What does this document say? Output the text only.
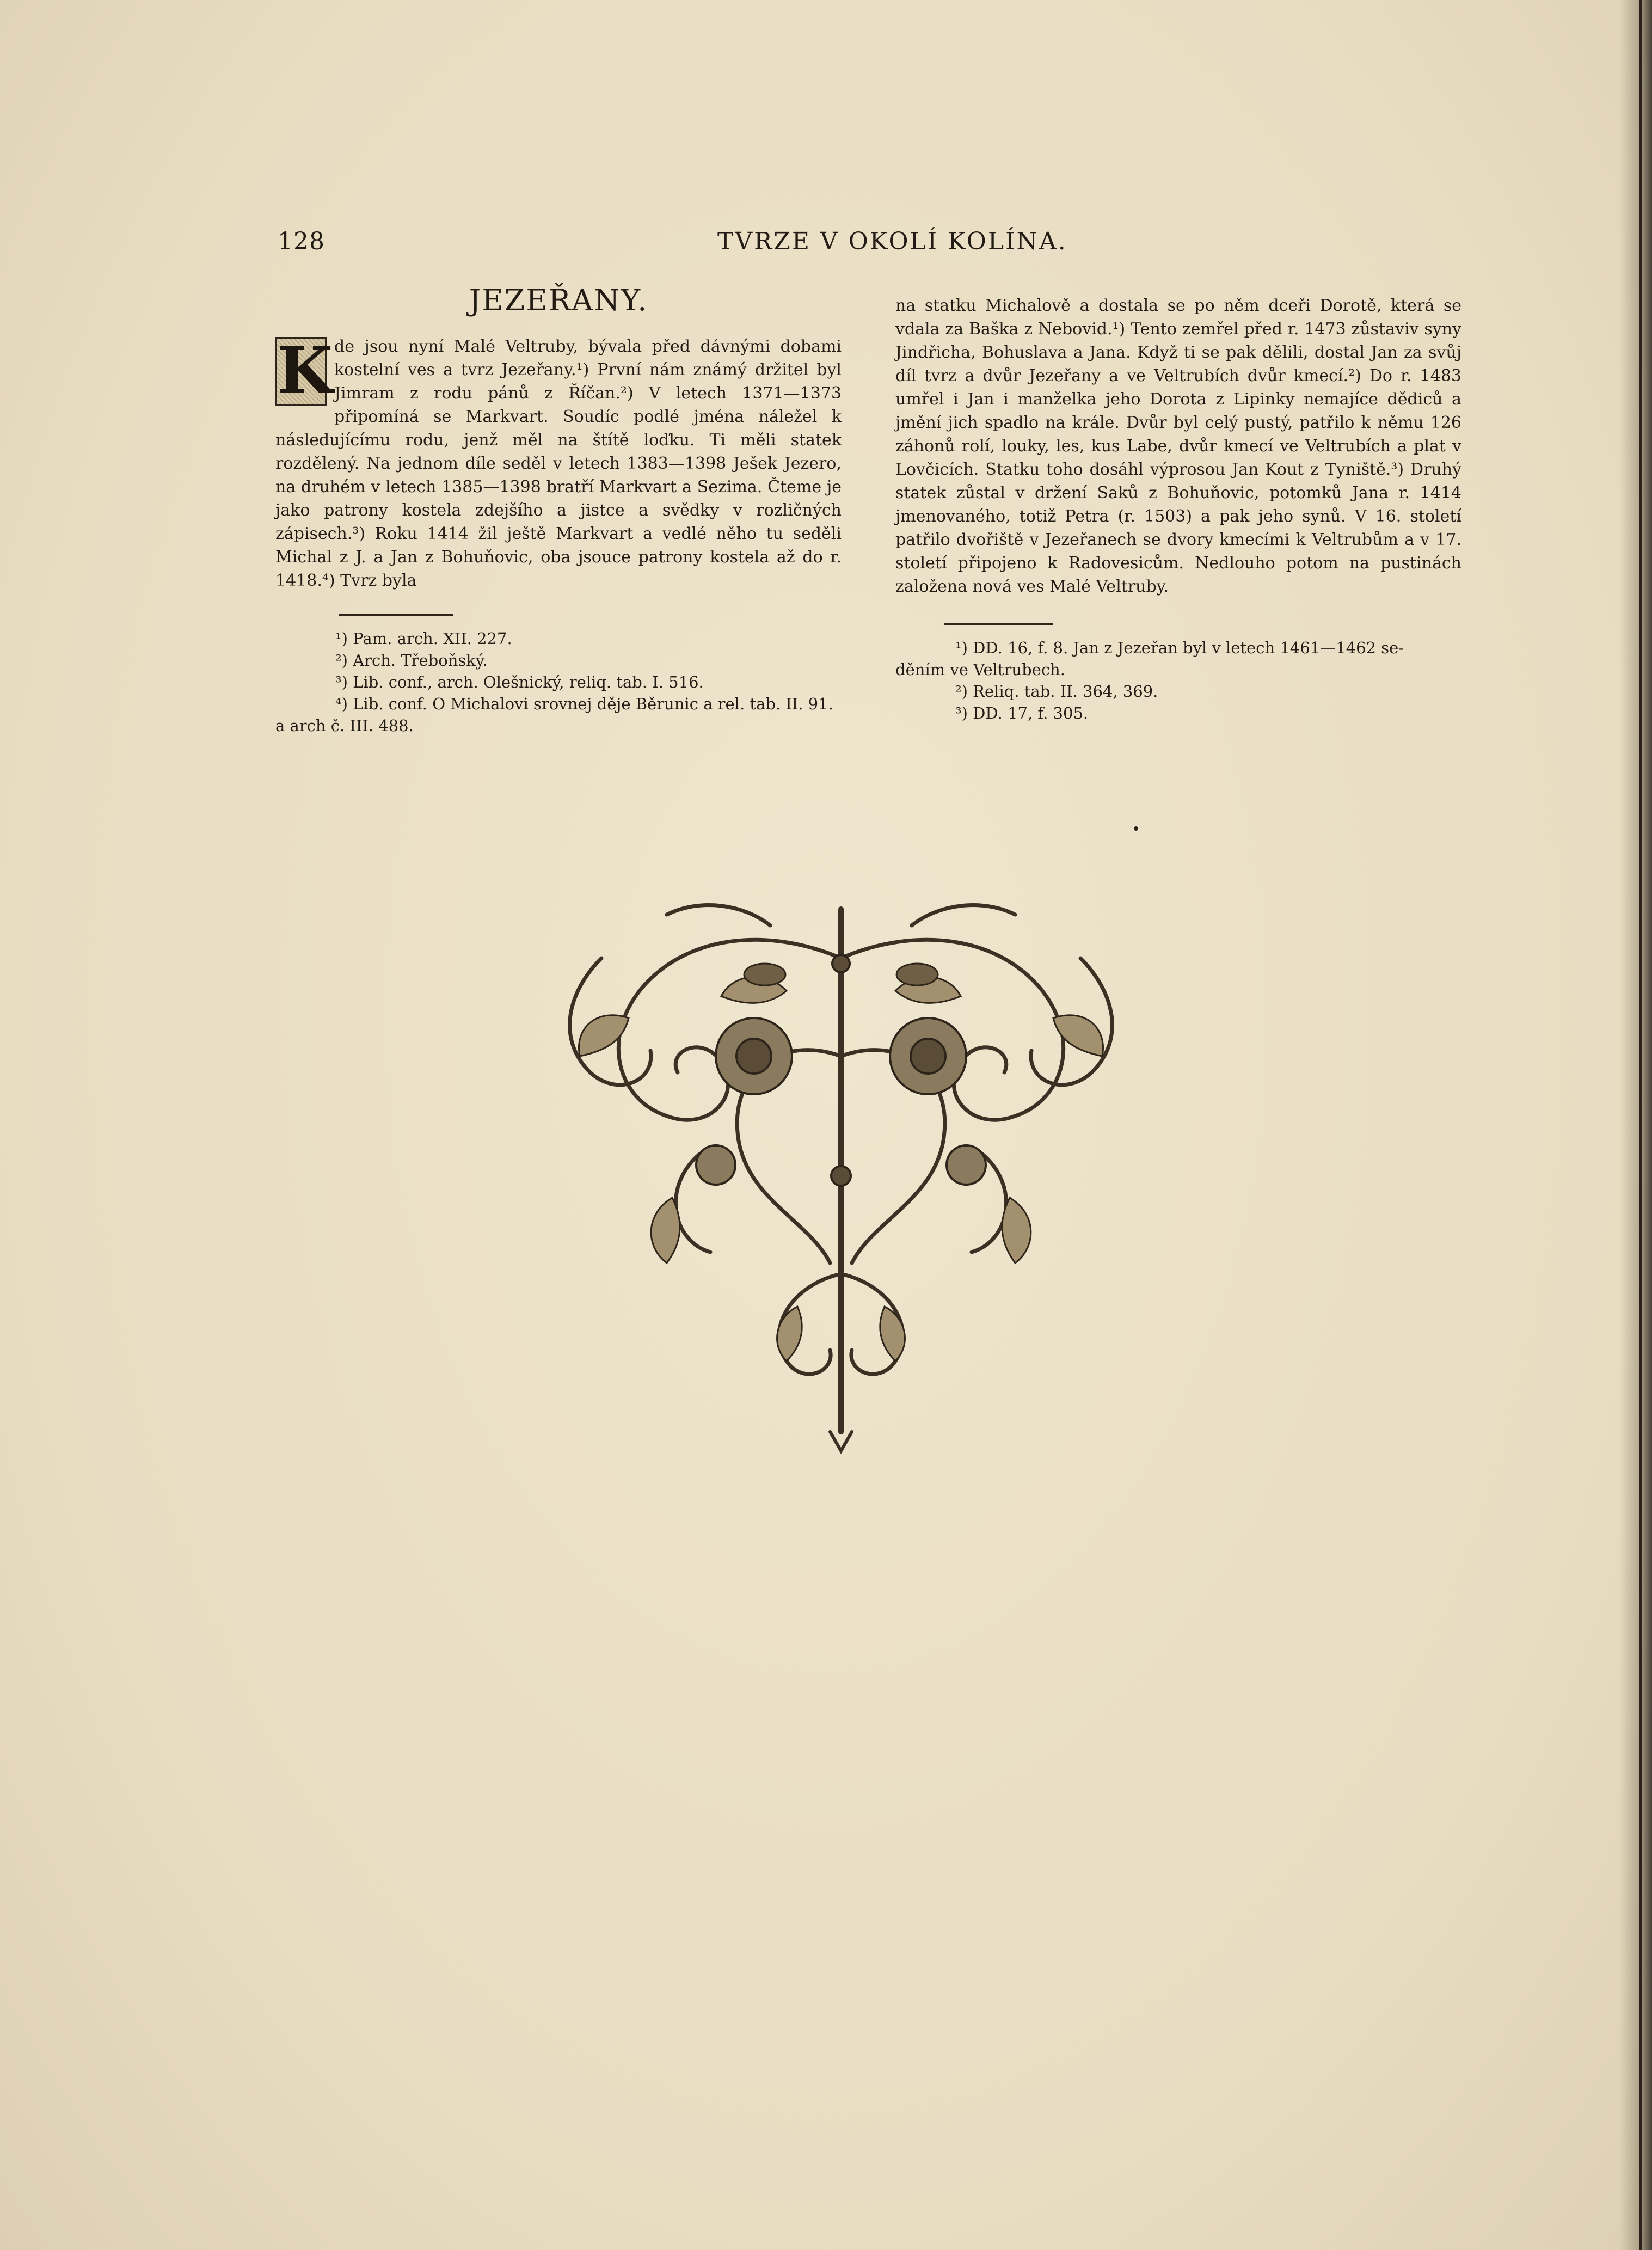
128	TVRZE V OKOLÍ KOLÍNA.
JEZEŘANY.
K de jsou nyní Malé Veltruby, bývala před dávnými dobami kostelní ves a tvrz Jezeřany.¹) První nám známý držitel byl Jimram z rodu pánů z Říčan.²) V letech 1371—1373 připomíná se Markvart. Soudíc podlé jména náležel k následujícímu rodu, jenž měl na štítě loďku. Ti měli statek rozdělený. Na jednom díle seděl v letech 1383—1398 Ješek Jezero, na druhém v letech 1385—1398 bratří Markvart a Sezima. Čteme je jako patrony kostela zdejšího a jistce a svědky v rozličných zápisech.³) Roku 1414 žil ještě Markvart a vedlé něho tu seděli Michal z J. a Jan z Bohuňovic, oba jsouce patrony kostela až do r. 1418.⁴) Tvrz byla

¹) Pam. arch. XII. 227.

²) Arch. Třeboňský.

³) Lib. conf., arch. Olešnický, reliq. tab. I. 516.

⁴) Lib. conf. O Michalovi srovnej děje Běrunic a rel. tab. II. 91.

a arch č. III. 488.

na statku Michalově a dostala se po něm dceři Dorotě, která se vdala za Baška z Nebovid.¹) Tento zemřel před r. 1473 zůstaviv syny Jindřicha, Bohuslava a Jana. Když ti se pak dělili, dostal Jan za svůj díl tvrz a dvůr Jezeřany a ve Veltrubích dvůr kmecí.²) Do r. 1483 umřel i Jan i manželka jeho Dorota z Lipinky nemajíce dědiců a jmění jich spadlo na krále. Dvůr byl celý pustý, patřilo k němu 126 záhonů rolí, louky, les, kus Labe, dvůr kmecí ve Veltrubích a plat v Lovčicích. Statku toho dosáhl výprosou Jan Kout z Tyniště.³) Druhý statek zůstal v držení Saků z Bohuňovic, potomků Jana r. 1414 jmenovaného, totiž Petra (r. 1503) a pak jeho synů. V 16. století patřilo dvořiště v Jezeřanech se dvory kmecími k Veltrubům a v 17. století připojeno k Radovesicům. Nedlouho potom na pustinách založena nová ves Malé Veltruby.

¹) DD. 16, f. 8. Jan z Jezeřan byl v letech 1461—1462 se-

děním ve Veltrubech.

²) Reliq. tab. II. 364, 369.

³) DD. 17, f. 305.
